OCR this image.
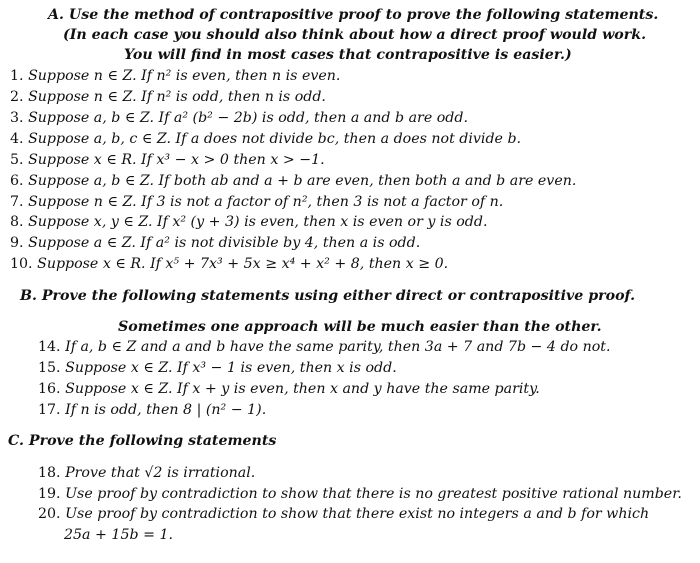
A. Use the method of contrapositive proof to prove the following statements.
(In each case you should also think about how a direct proof would work.
You will find in most cases that contrapositive is easier.)
1. Suppose n ∈ Z. If n² is even, then n is even.
2. Suppose n ∈ Z. If n² is odd, then n is odd.
3. Suppose a, b ∈ Z. If a² (b² − 2b) is odd, then a and b are odd.
4. Suppose a, b, c ∈ Z. If a does not divide bc, then a does not divide b.
5. Suppose x ∈ R. If x³ − x > 0 then x > −1.
6. Suppose a, b ∈ Z. If both ab and a + b are even, then both a and b are even.
7. Suppose n ∈ Z. If 3 is not a factor of n², then 3 is not a factor of n.
8. Suppose x, y ∈ Z. If x² (y + 3) is even, then x is even or y is odd.
9. Suppose a ∈ Z. If a² is not divisible by 4, then a is odd.
10. Suppose x ∈ R. If x⁵ + 7x³ + 5x ≥ x⁴ + x² + 8, then x ≥ 0.
B. Prove the following statements using either direct or contrapositive proof.
Sometimes one approach will be much easier than the other.
14. If a, b ∈ Z and a and b have the same parity, then 3a + 7 and 7b − 4 do not.
15. Suppose x ∈ Z. If x³ − 1 is even, then x is odd.
16. Suppose x ∈ Z. If x + y is even, then x and y have the same parity.
17. If n is odd, then 8 | (n² − 1).
C. Prove the following statements
18. Prove that √2 is irrational.
19. Use proof by contradiction to show that there is no greatest positive rational number.
20. Use proof by contradiction to show that there exist no integers a and b for which
25a + 15b = 1.
